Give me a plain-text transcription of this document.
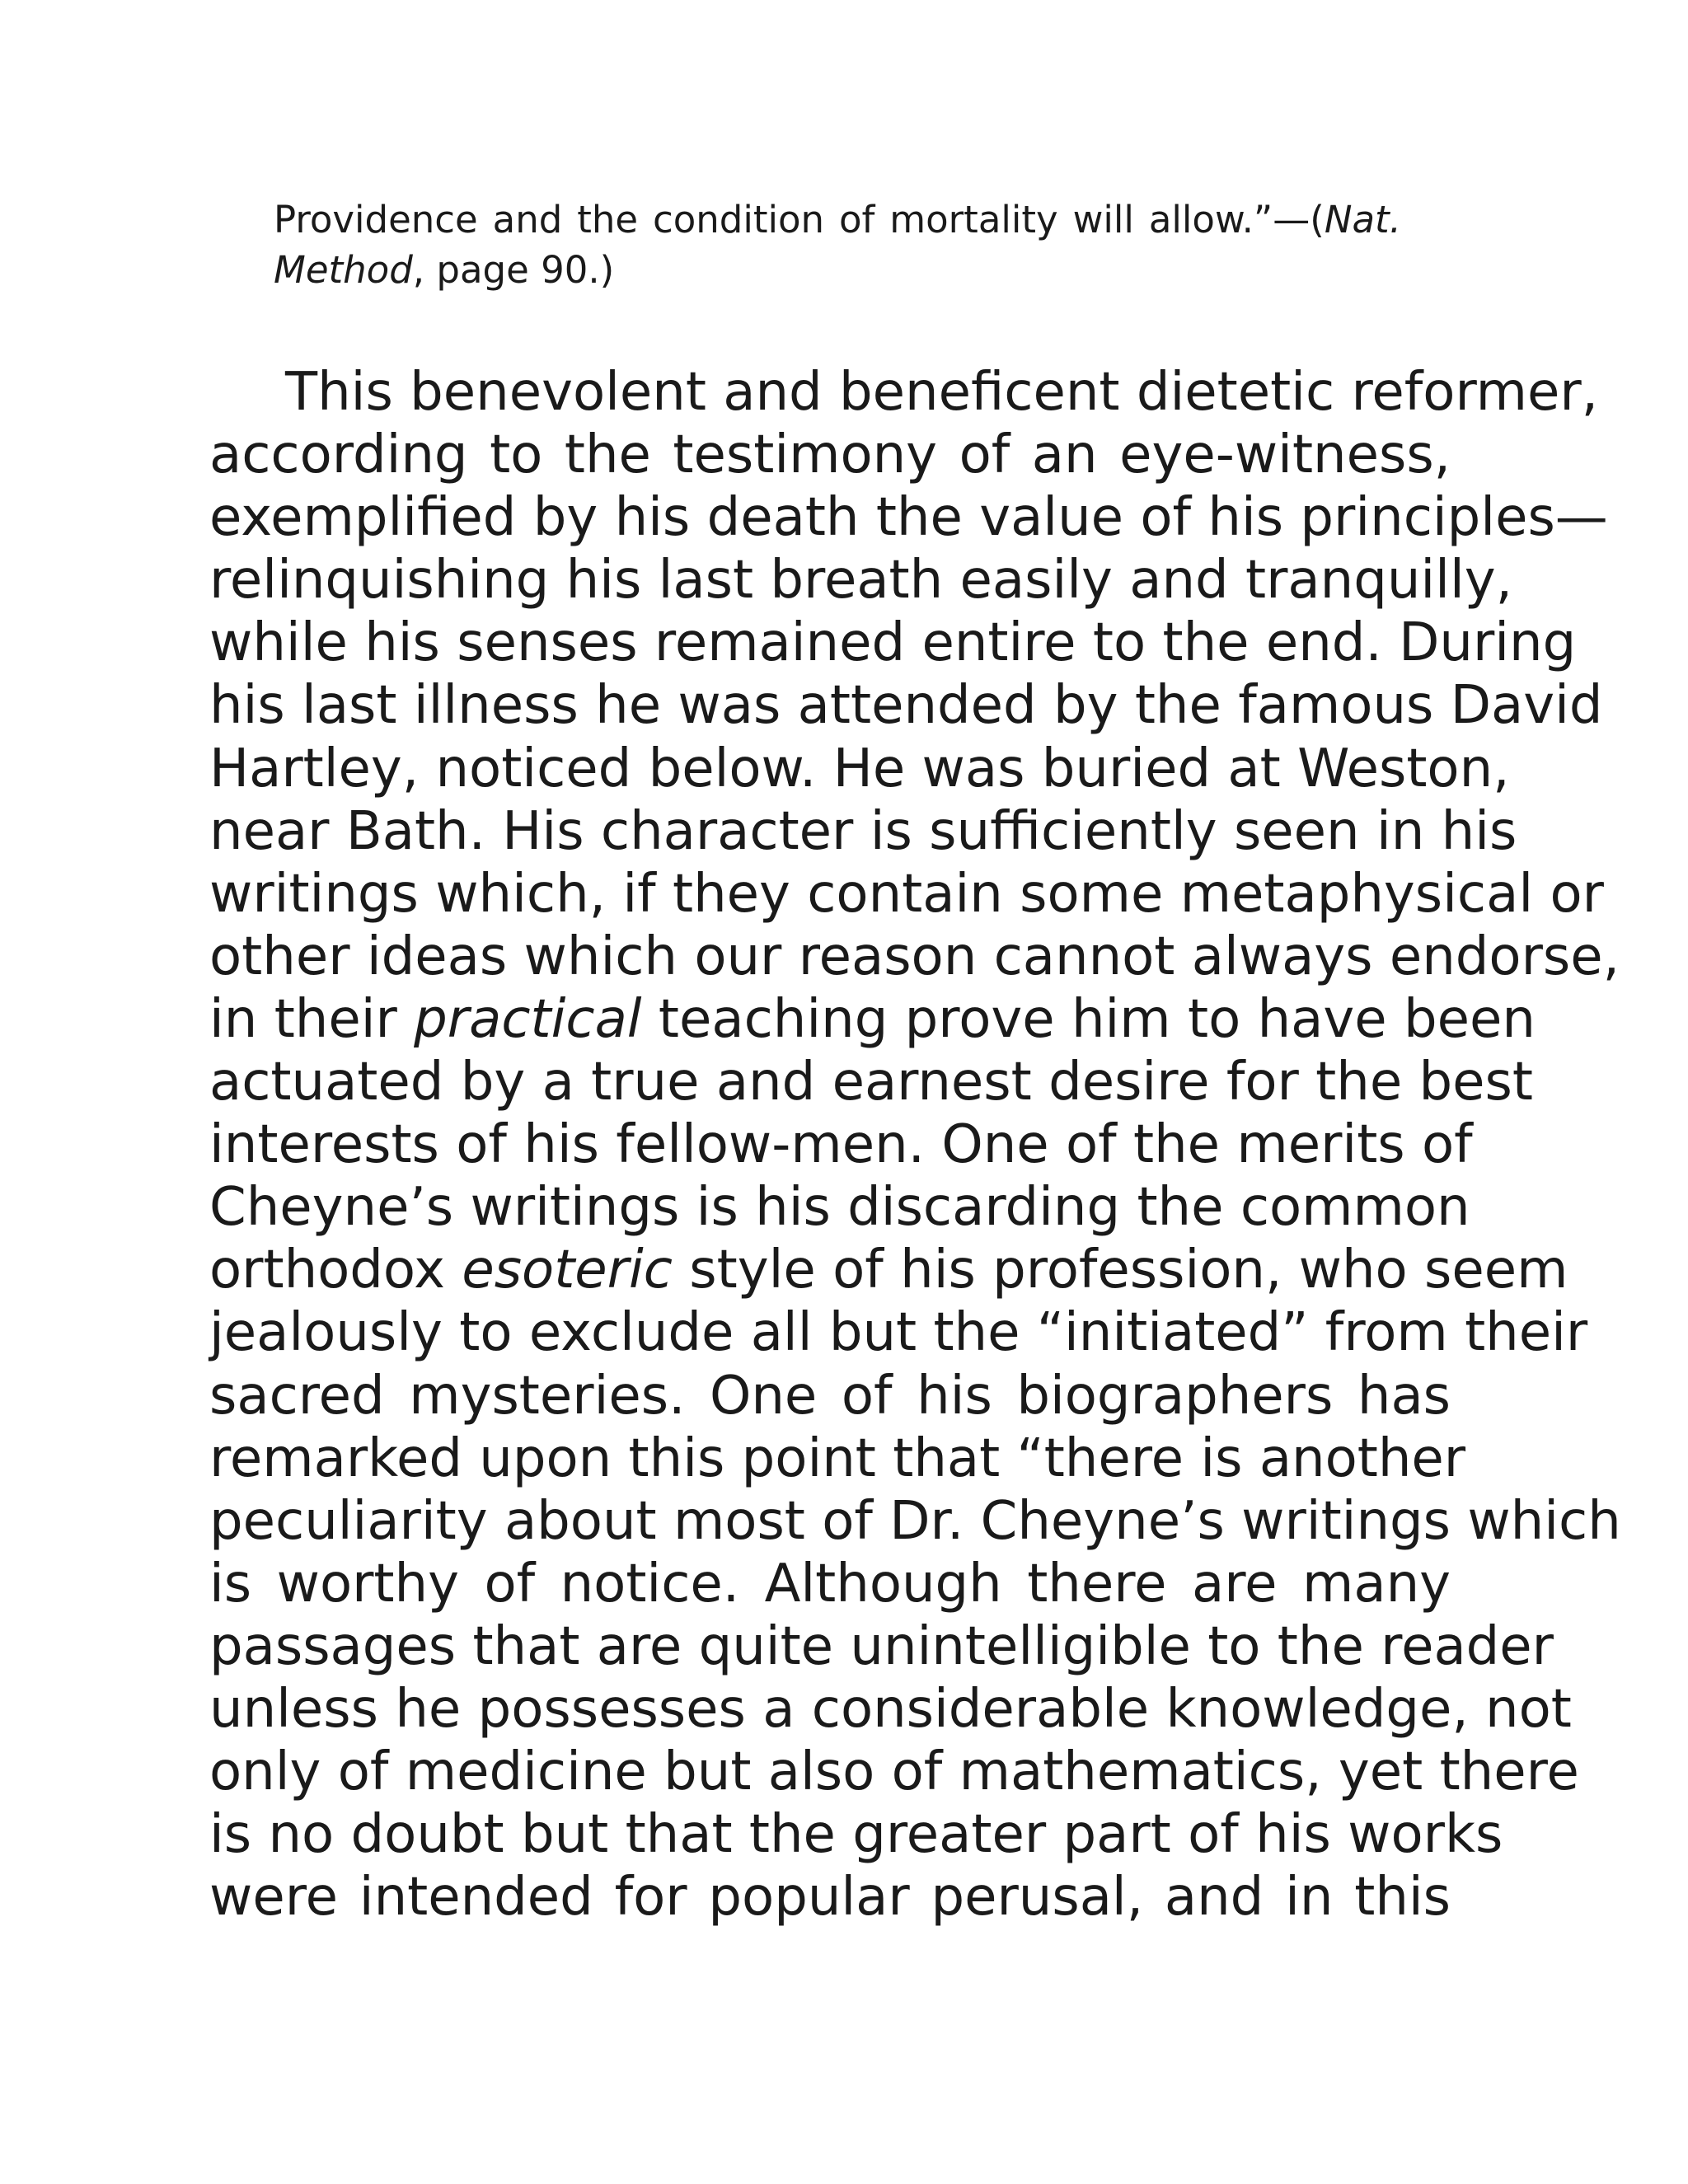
Providence and the condition of mortality will allow.”—(Nat.
Method, page 90.)
This benevolent and beneficent dietetic reformer,
according to the testimony of an eye-witness,
exemplified by his death the value of his principles—
relinquishing his last breath easily and tranquilly,
while his senses remained entire to the end. During
his last illness he was attended by the famous David
Hartley, noticed below. He was buried at Weston,
near Bath. His character is sufficiently seen in his
writings which, if they contain some metaphysical or
other ideas which our reason cannot always endorse,
in their practical teaching prove him to have been
actuated by a true and earnest desire for the best
interests of his fellow-men. One of the merits of
Cheyne’s writings is his discarding the common
orthodox esoteric style of his profession, who seem
jealously to exclude all but the “initiated” from their
sacred mysteries. One of his biographers has
remarked upon this point that “there is another
peculiarity about most of Dr. Cheyne’s writings which
is worthy of notice. Although there are many
passages that are quite unintelligible to the reader
unless he possesses a considerable knowledge, not
only of medicine but also of mathematics, yet there
is no doubt but that the greater part of his works
were intended for popular perusal, and in this
